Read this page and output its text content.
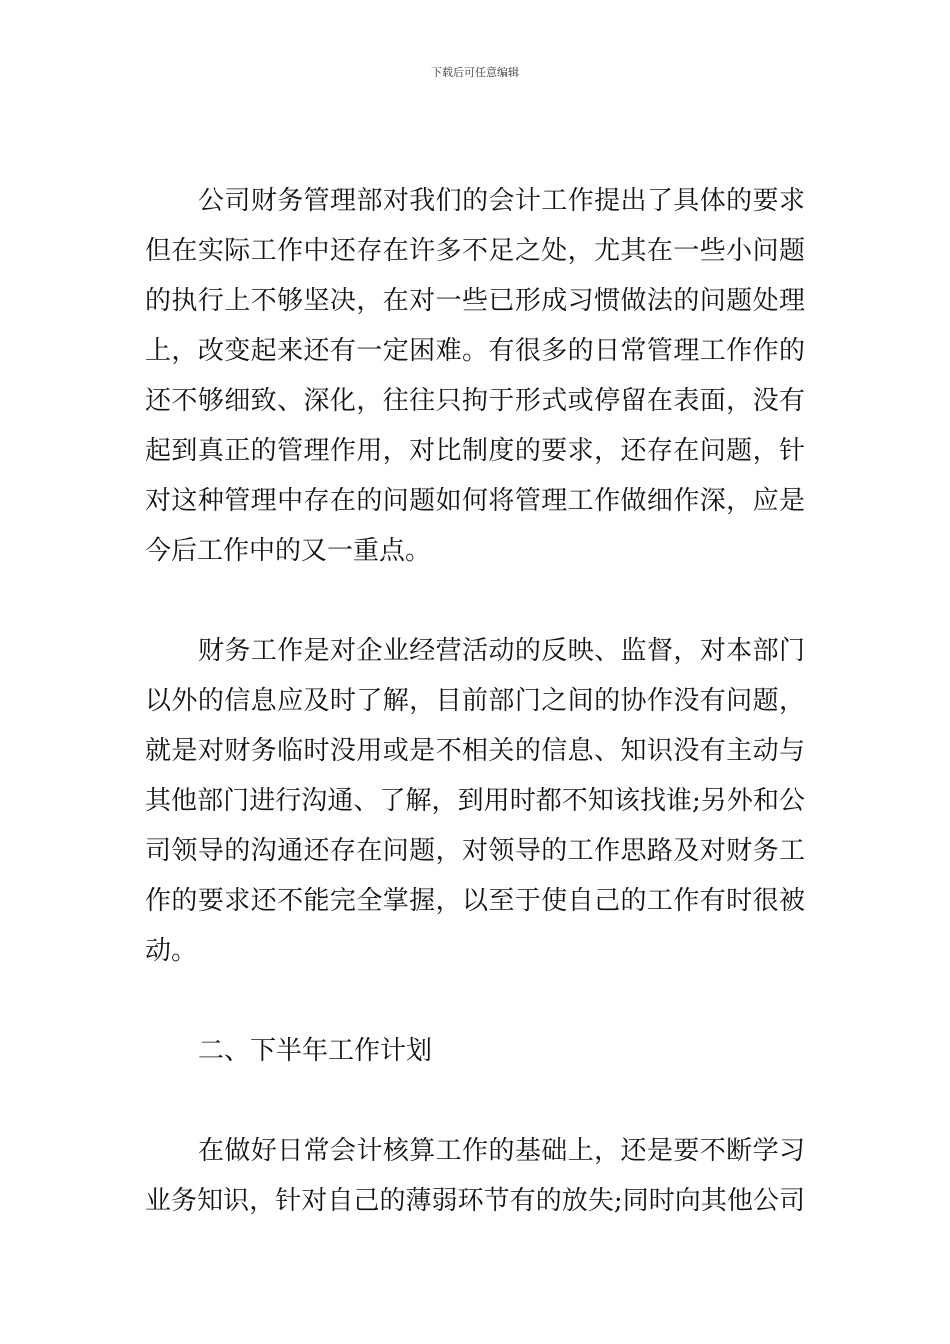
下载后可任意编辑
公司财务管理部对我们的会计工作提出了具体的要求
但在实际工作中还存在许多不足之处，尤其在一些小问题
的执行上不够坚决，在对一些已形成习惯做法的问题处理
上，改变起来还有一定困难。有很多的日常管理工作作的
还不够细致、深化，往往只拘于形式或停留在表面，没有
起到真正的管理作用，对比制度的要求，还存在问题，针
对这种管理中存在的问题如何将管理工作做细作深，应是
今后工作中的又一重点。
财务工作是对企业经营活动的反映、监督，对本部门
以外的信息应及时了解，目前部门之间的协作没有问题，
就是对财务临时没用或是不相关的信息、知识没有主动与
其他部门进行沟通、了解，到用时都不知该找谁;另外和公
司领导的沟通还存在问题，对领导的工作思路及对财务工
作的要求还不能完全掌握，以至于使自己的工作有时很被
动。
二、下半年工作计划
在做好日常会计核算工作的基础上，还是要不断学习
业务知识，针对自己的薄弱环节有的放失;同时向其他公司
